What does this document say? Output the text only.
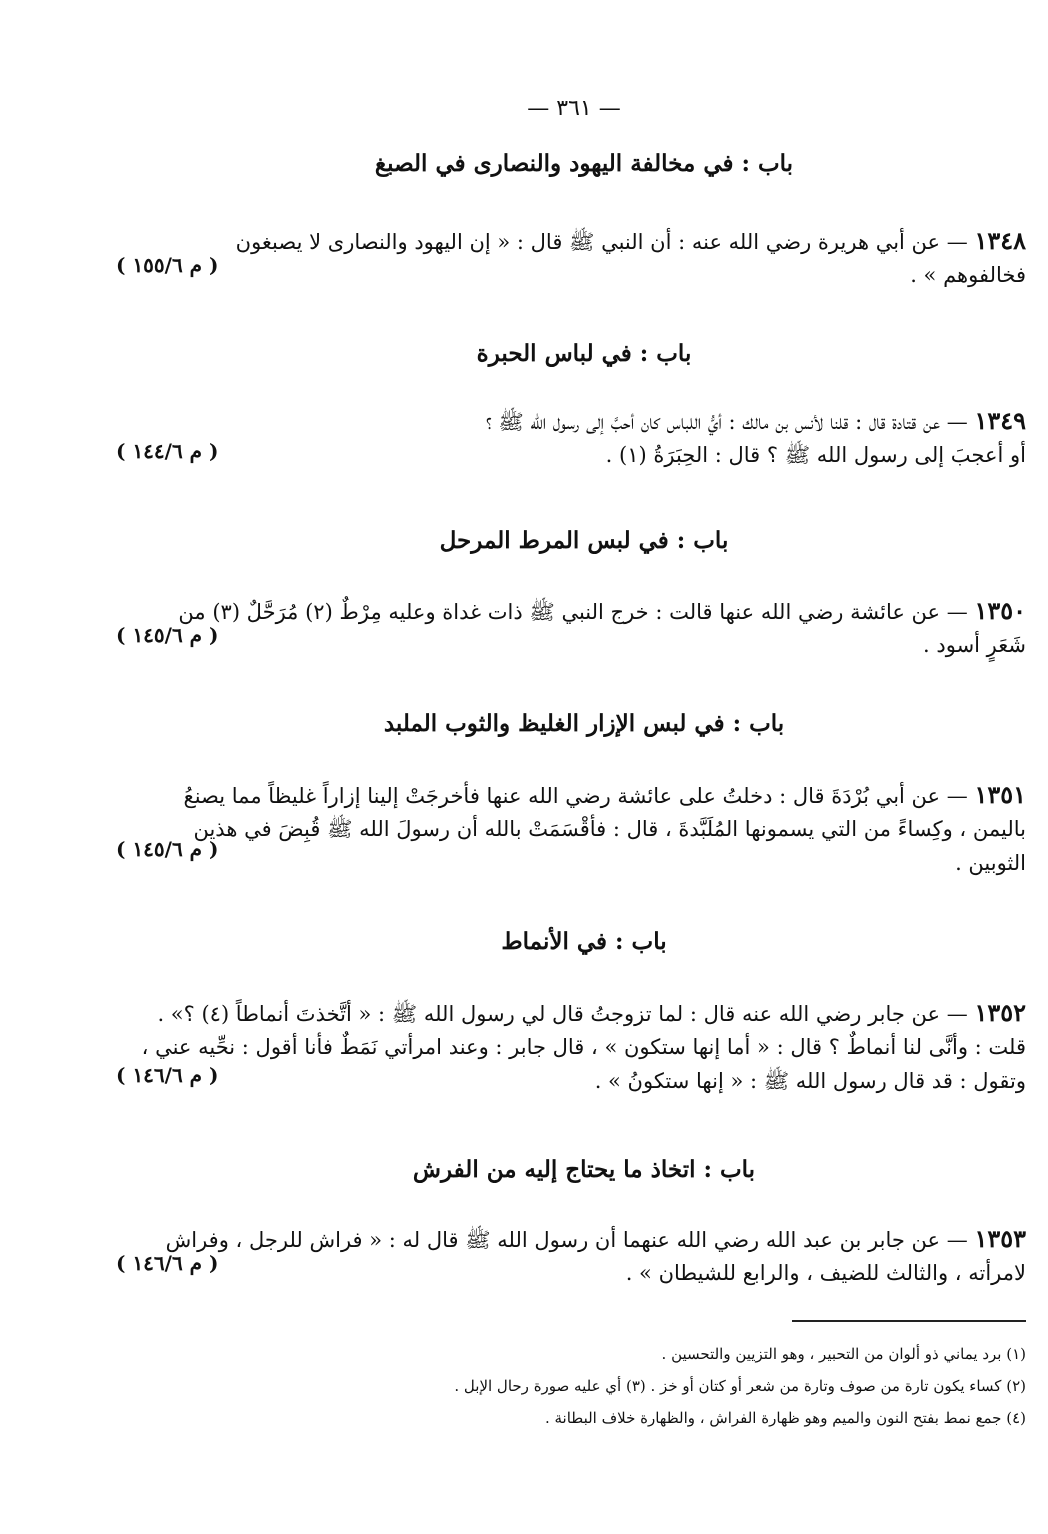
— ٣٦١ —
باب : في مخالفة اليهود والنصارى في الصبغ
١٣٤٨ — عن أبي هريرة رضي الله عنه : أن النبي ﷺ قال : « إن اليهود والنصارى لا يصبغون
فخالفوهم » .
( م ١٥٥/٦ )
باب : في لباس الحبرة
١٣٤٩ — عن قتادة قال : قلنا لأنس بن مالك : أيُّ اللباس كان أحبَّ إلى رسول الله ﷺ ؟
أو أعجبَ إلى رسول الله ﷺ ؟ قال : الحِبَرَةُ (١) .
( م ١٤٤/٦ )
باب : في لبس المرط المرحل
١٣٥٠ — عن عائشة رضي الله عنها قالت : خرج النبي ﷺ ذات غداة وعليه مِرْطٌ (٢) مُرَحَّلٌ (٣) من
شَعَرٍ أسود .
( م ١٤٥/٦ )
باب : في لبس الإزار الغليظ والثوب الملبد
١٣٥١ — عن أبي بُرْدَةَ قال : دخلتُ على عائشة رضي الله عنها فأخرجَتْ إلينا إزاراً غليظاً مما يصنعُ
باليمن ، وكِساءً من التي يسمونها المُلَبَّدةَ ، قال : فأقْسَمَتْ بالله أن رسولَ الله ﷺ قُبِضَ في هذين
الثوبين .
( م ١٤٥/٦ )
باب : في الأنماط
١٣٥٢ — عن جابر رضي الله عنه قال : لما تزوجتُ قال لي رسول الله ﷺ : « أتَّخذتَ أنماطاً (٤) ؟» .
قلت : وأنَّى لنا أنماطٌ ؟ قال : « أما إنها ستكون » ، قال جابر : وعند امرأتي نَمَطٌ فأنا أقول : نحِّيه عني ،
وتقول : قد قال رسول الله ﷺ : « إنها ستكونُ » .
( م ١٤٦/٦ )
باب : اتخاذ ما يحتاج إليه من الفرش
١٣٥٣ — عن جابر بن عبد الله رضي الله عنهما أن رسول الله ﷺ قال له : « فراش للرجل ، وفراش
لامرأته ، والثالث للضيف ، والرابع للشيطان » .
( م ١٤٦/٦ )
(١) برد يماني ذو ألوان من التحبير ، وهو التزيين والتحسين .
(٢) كساء يكون تارة من صوف وتارة من شعر أو كتان أو خز . (٣) أي عليه صورة رحال الإبل .
(٤) جمع نمط بفتح النون والميم وهو ظهارة الفراش ، والظهارة خلاف البطانة .
